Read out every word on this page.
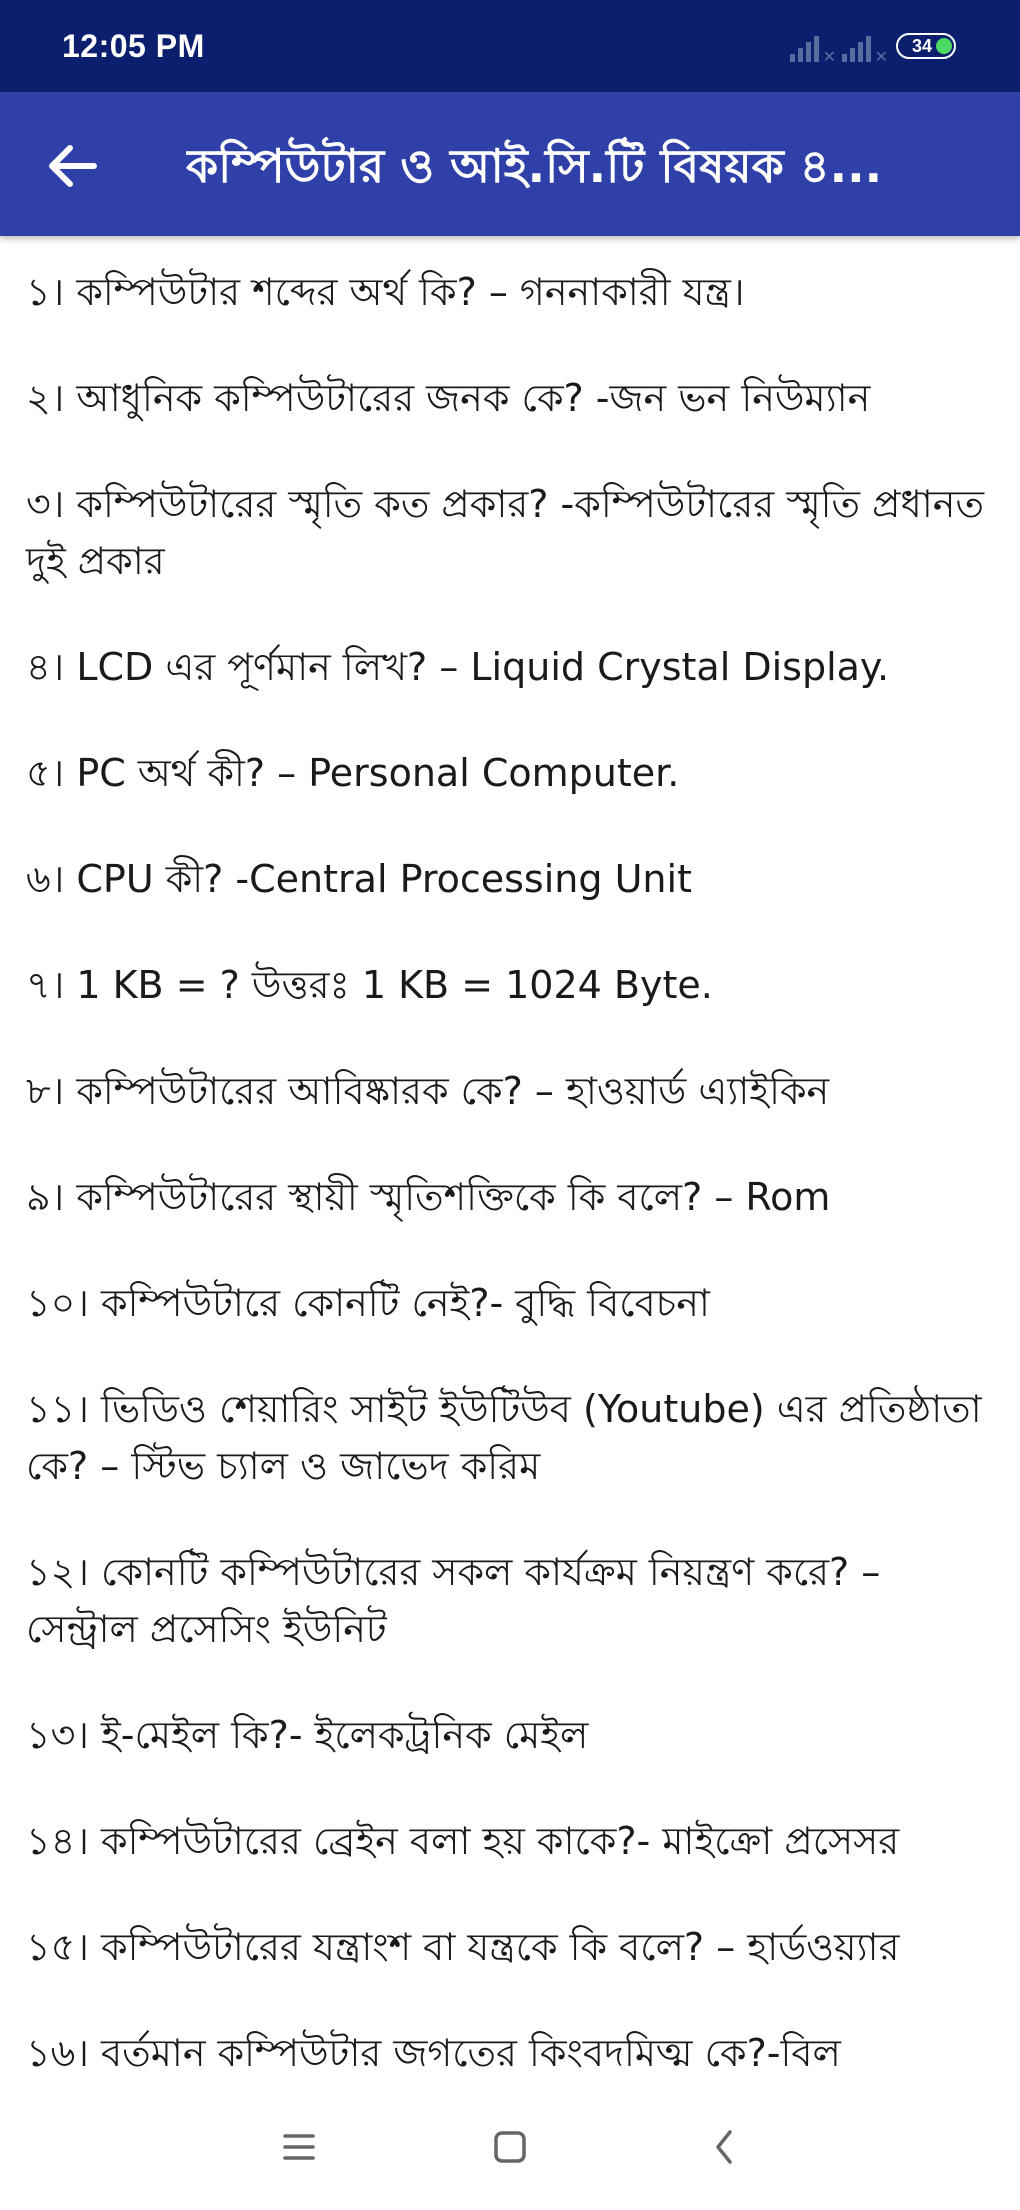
12:05 PM	✕ ✕
34
কম্পিউটার ও আই.সি.টি বিষয়ক ৪...

১। কম্পিউটার শব্দের অর্থ কি? – গননাকারী যন্ত্র।

২। আধুনিক কম্পিউটারের জনক কে? -জন ভন নিউম্যান

৩। কম্পিউটারের স্মৃতি কত প্রকার? -কম্পিউটারের স্মৃতি প্রধানত দুই প্রকার

৪। LCD এর পূর্ণমান লিখ? – Liquid Crystal Display.

৫। PC অর্থ কী? – Personal Computer.

৬। CPU কী? -Central Processing Unit

৭। 1 KB = ? উত্তরঃ 1 KB = 1024 Byte.

৮। কম্পিউটারের আবিষ্কারক কে? – হাওয়ার্ড এ্যাইকিন

৯। কম্পিউটারের স্থায়ী স্মৃতিশক্তিকে কি বলে? – Rom

১০। কম্পিউটারে কোনটি নেই?- বুদ্ধি বিবেচনা

১১। ভিডিও শেয়ারিং সাইট ইউটিউব (Youtube) এর প্রতিষ্ঠাতা কে? – স্টিভ চ্যাল ও জাভেদ করিম

১২। কোনটি কম্পিউটারের সকল কার্যক্রম নিয়ন্ত্রণ করে? – সেন্ট্রাল প্রসেসিং ইউনিট

১৩। ই-মেইল কি?- ইলেকট্রনিক মেইল

১৪। কম্পিউটারের ব্রেইন বলা হয় কাকে?- মাইক্রো প্রসেসর

১৫। কম্পিউটারের যন্ত্রাংশ বা যন্ত্রকে কি বলে? – হার্ডওয়্যার

১৬। বর্তমান কম্পিউটার জগতের কিংবদমিত্ম কে?-বিল
